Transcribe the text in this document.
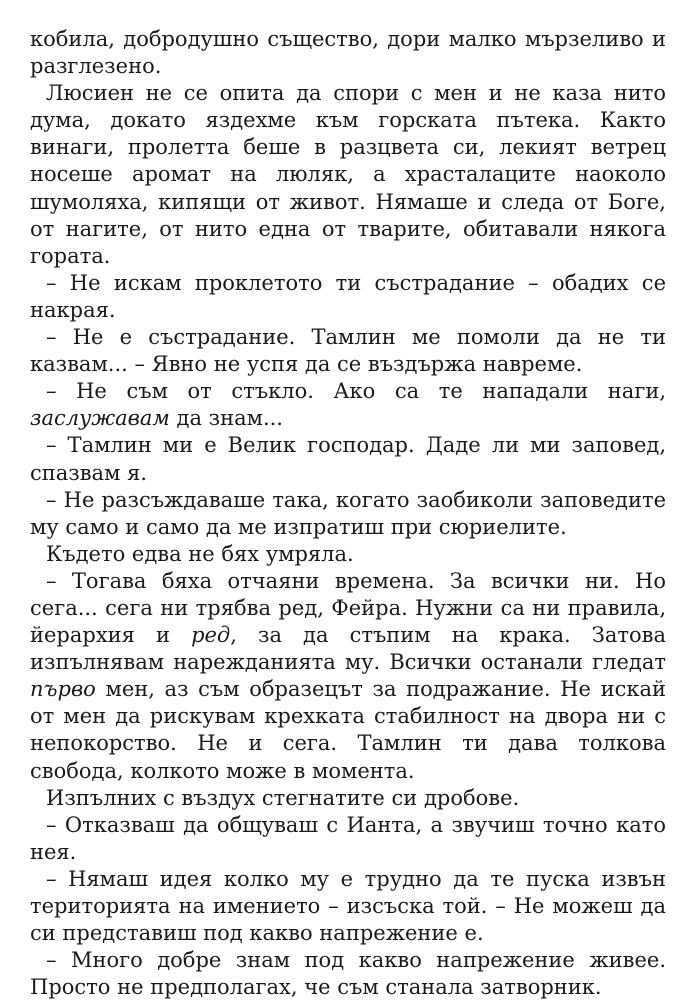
кобила, добродушно същество, дори малко мързеливо и разглезено.

Люсиен не се опита да спори с мен и не каза нито дума, докато яздехме към горската пътека. Както винаги, пролетта беше в разцвета си, лекият ветрец носеше аромат на люляк, а храсталаците наоколо шумоляха, кипящи от живот. Нямаше и следа от Боге, от нагите, от нито една от тварите, обитавали някога гората.

– Не искам проклетото ти състрадание – обадих се накрая.

– Не е състрадание. Тамлин ме помоли да не ти казвам... – Явно не успя да се въздържа навреме.

– Не съм от стъкло. Ако са те нападали наги, заслужавам да знам...

– Тамлин ми е Велик господар. Даде ли ми заповед, спазвам я.

– Не разсъждаваше така, когато заобиколи заповедите му само и само да ме изпратиш при сюриелите.

Където едва не бях умряла.

– Тогава бяха отчаяни времена. За всички ни. Но сега... сега ни трябва ред, Фейра. Нужни са ни правила, йерархия и ред, за да стъпим на крака. Затова изпълнявам нарежданията му. Всички останали гледат първо мен, аз съм образецът за подражание. Не искай от мен да рискувам крехката стабилност на двора ни с непокорство. Не и сега. Тамлин ти дава толкова свобода, колкото може в момента.

Изпълних с въздух стегнатите си дробове.

– Отказваш да общуваш с Ианта, а звучиш точно като нея.

– Нямаш идея колко му е трудно да те пуска извън територията на имението – изсъска той. – Не можеш да си представиш под какво напрежение е.

– Много добре знам под какво напрежение живее. Просто не предполагах, че съм станала затворник.
